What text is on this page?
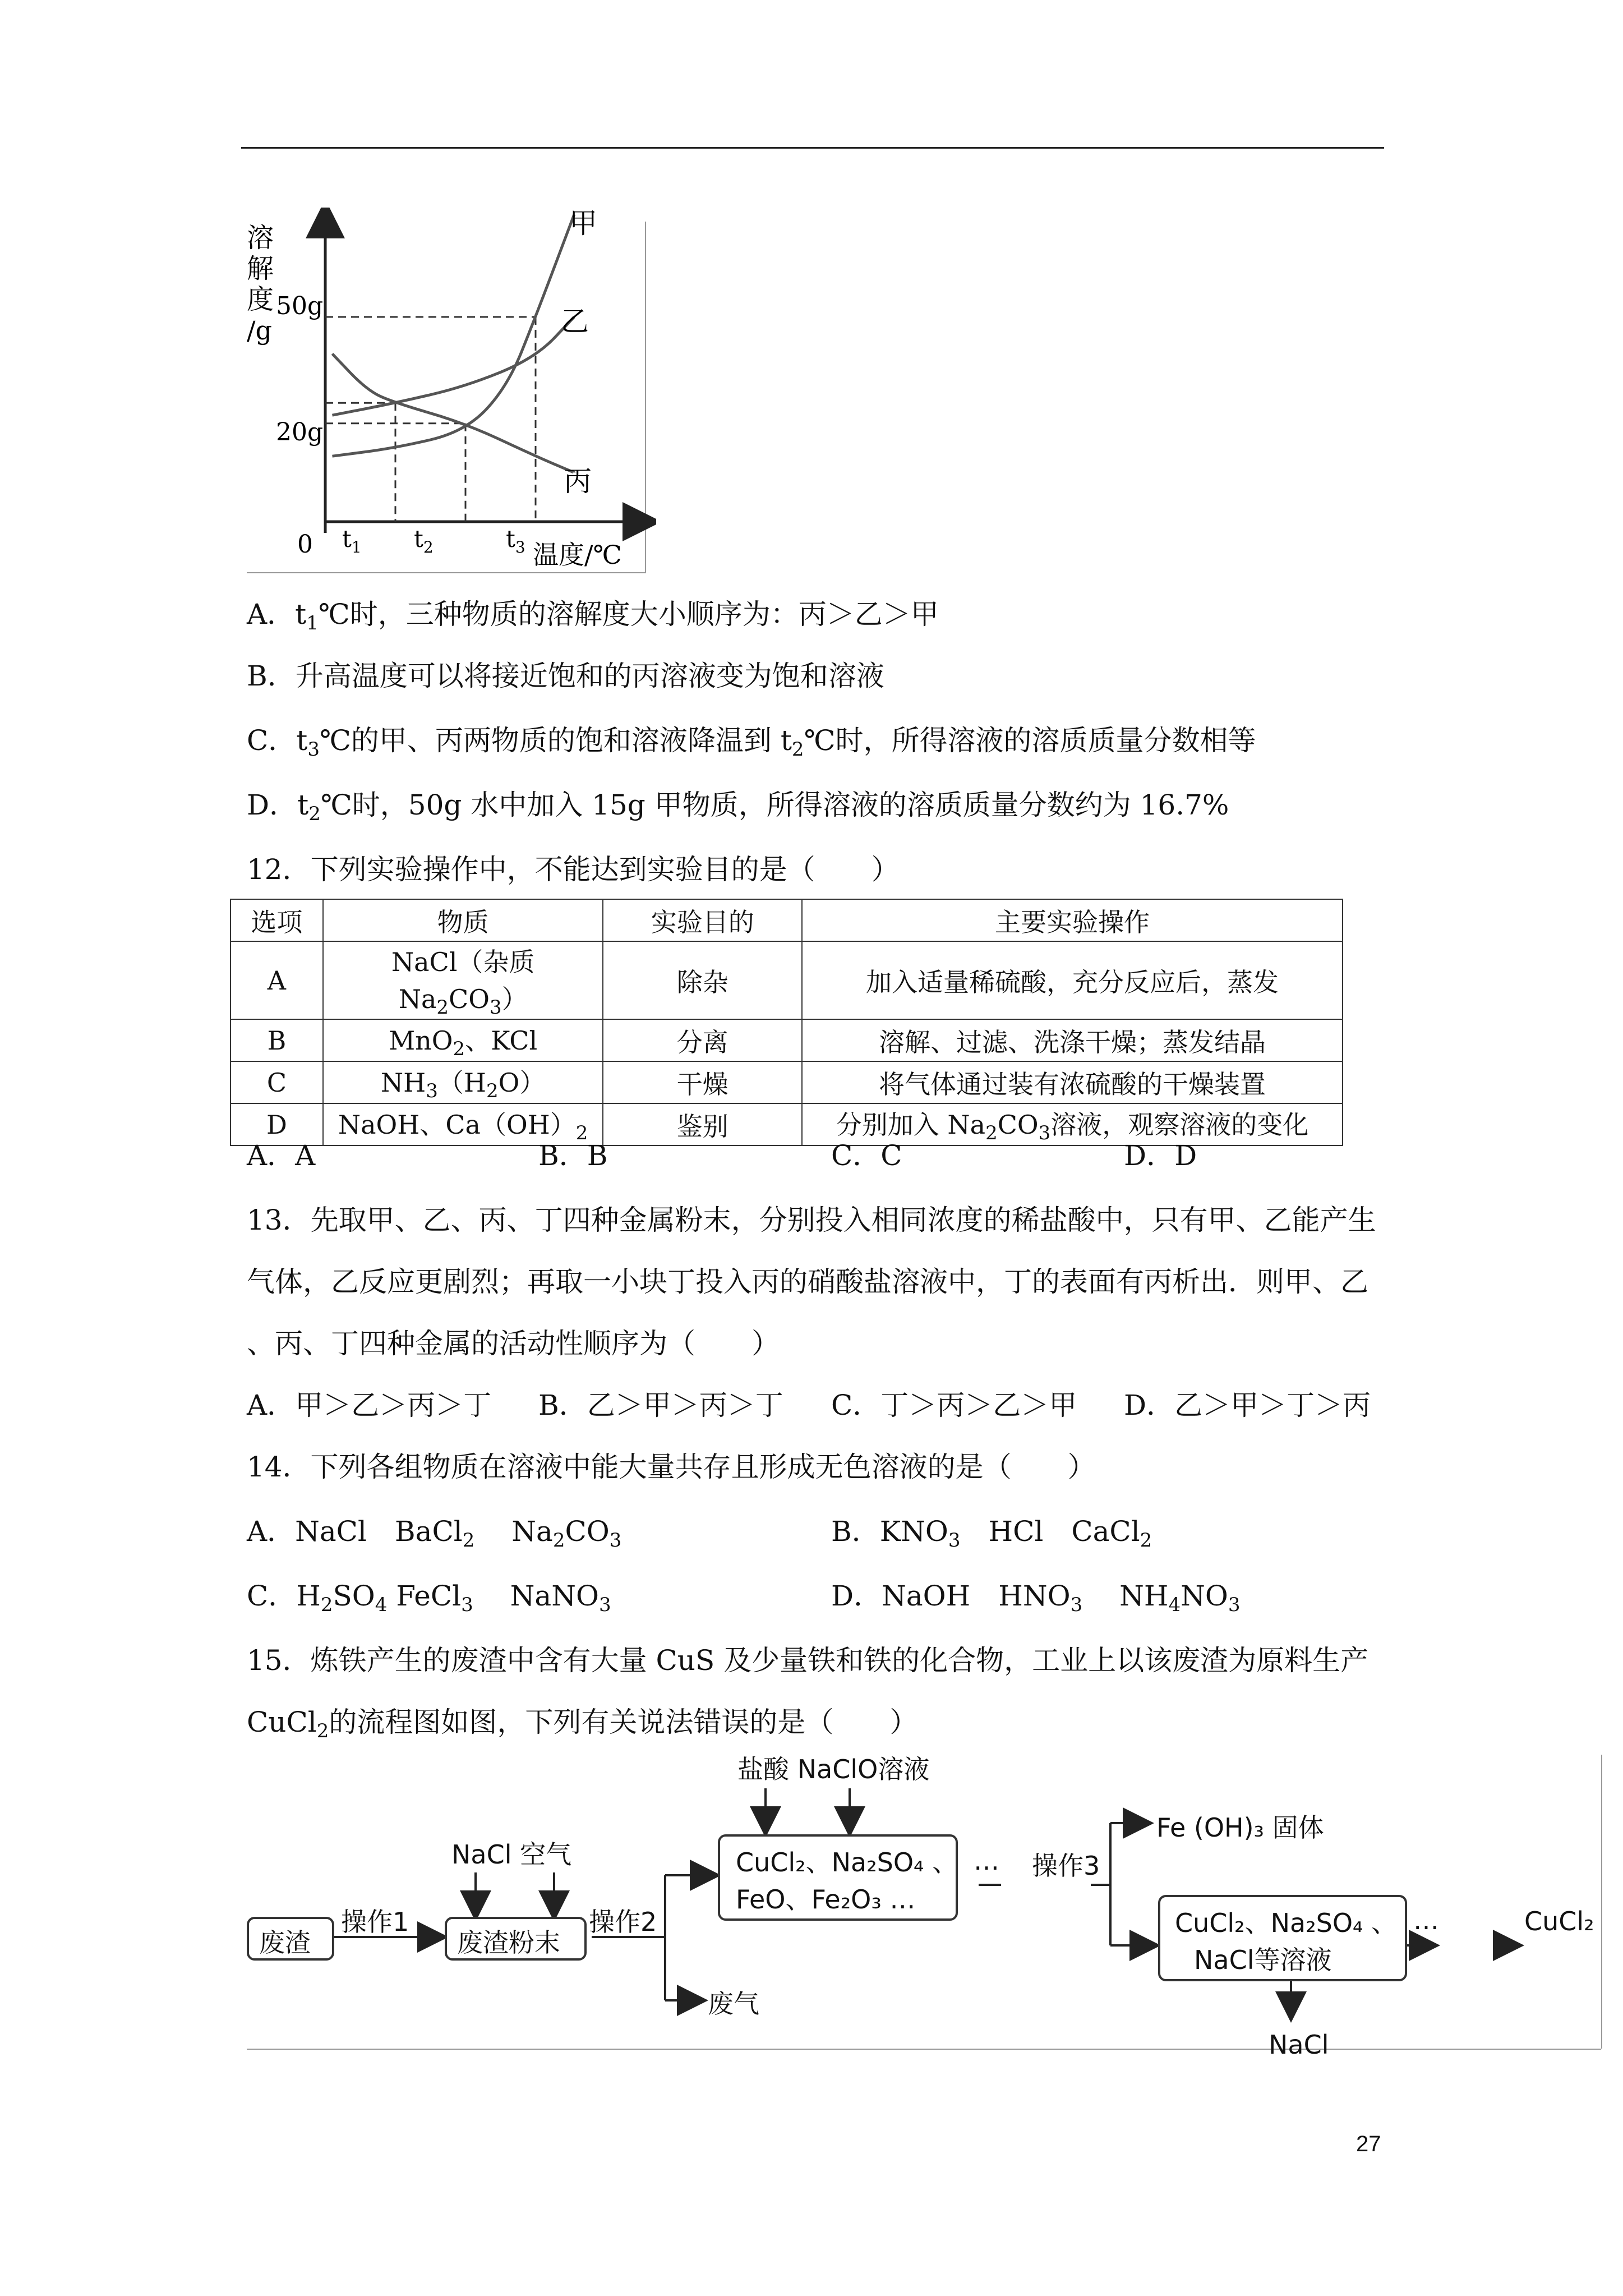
溶
解
度
/g
50g
20g
0 $t_1$ $t_2$	$t_3$ 温度/℃
甲
乙
丙
A．$t_1℃$时，三种物质的溶解度大小顺序为：丙＞乙＞甲
B．升高温度可以将接近饱和的丙溶液变为饱和溶液
C．$t_3℃$的甲、丙两物质的饱和溶液降温到 $t_2℃$时，所得溶液的溶质质量分数相等
D．$t_2℃$时，50g 水中加入 15g 甲物质，所得溶液的溶质质量分数约为 16.7%
12．下列实验操作中，不能达到实验目的是（　　）
选项	物质	实验目的	主要实验操作
A	NaCl（杂质 $Na_2CO_3$）	除杂	加入适量稀硫酸，充分反应后，蒸发
B	MnO$_2$、KCl	分离	溶解、过滤、洗涤干燥；蒸发结晶
C	$NH_3(H_2O)$	干燥	将气体通过装有浓硫酸的干燥装置
D	NaOH、$Ca(OH)_2$	鉴别	分别加入 $Na_2CO_3$溶液，观察溶液的变化
A．A	B．B	C．C	D．D
13．先取甲、乙、丙、丁四种金属粉末，分别投入相同浓度的稀盐酸中，只有甲、乙能产生
气体，乙反应更剧烈；再取一小块丁投入丙的硝酸盐溶液中，丁的表面有丙析出．则甲、乙
、丙、丁四种金属的活动性顺序为（　　）
A．甲＞乙＞丙＞丁 B．乙＞甲＞丙＞丁 C．丁＞丙＞乙＞甲 D．乙＞甲＞丁＞丙
14．下列各组物质在溶液中能大量共存且形成无色溶液的是（　　）
A．NaCl　BaCl$_2$　 $Na_2CO_3$	B．$KNO_3$　HCl　CaCl$_2$
C．$H_2SO_4$ FeCl$_3$　 NaNO$_3$	D．NaOH　$HNO_3$　 $NH_4NO_3$
15．炼铁产生的废渣中含有大量 CuS 及少量铁和铁的化合物，工业上以该废渣为原料生产
CuCl$_2$的流程图如图，下列有关说法错误的是（　　）
废渣	废渣粉末
CuCl₂、Na₂SO₄ 、
FeO、Fe₂O₃ …
CuCl₂、Na₂SO₄ 、
NaCl等溶液
操作1	操作2
操作3
NaCl 空气
盐酸 NaClO溶液
废气
…
Fe (OH)₃ 固体
…	CuCl₂
NaCl
27
